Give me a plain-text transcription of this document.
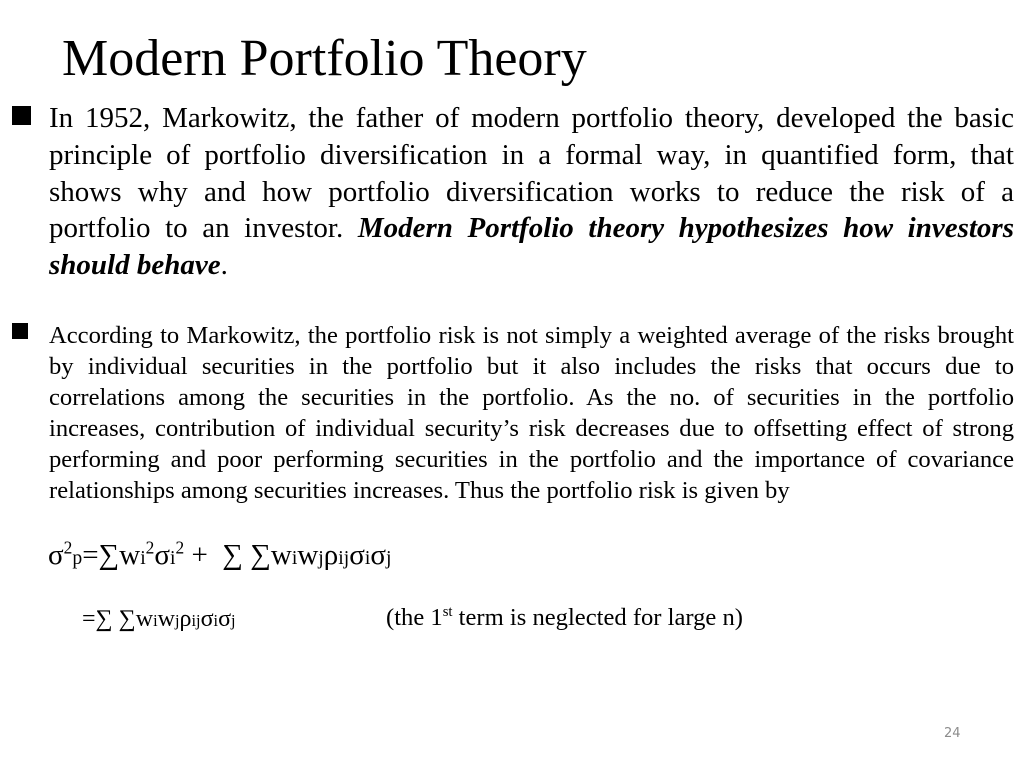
Modern Portfolio Theory
In 1952, Markowitz, the father of modern portfolio theory, developed the basic principle of portfolio diversification in a formal way, in quantified form, that shows why and how portfolio diversification works to reduce the risk of a portfolio to an investor. Modern Portfolio theory hypothesizes how investors should behave.
According to Markowitz, the portfolio risk is not simply a weighted average of the risks brought by individual securities in the portfolio but it also includes the risks that occurs due to correlations among the securities in the portfolio. As the no. of securities in the portfolio increases, contribution of individual security’s risk decreases due to offsetting effect of strong performing and poor performing securities in the portfolio and the importance of covariance relationships among securities increases. Thus the portfolio risk is given by
$\sigma^2p=\sum wi^2\sigma i^2$ +  ∑ ∑wiwjρijσiσj
=∑ ∑wiwjρijσiσj	(the 1st term is neglected for large n)
24
